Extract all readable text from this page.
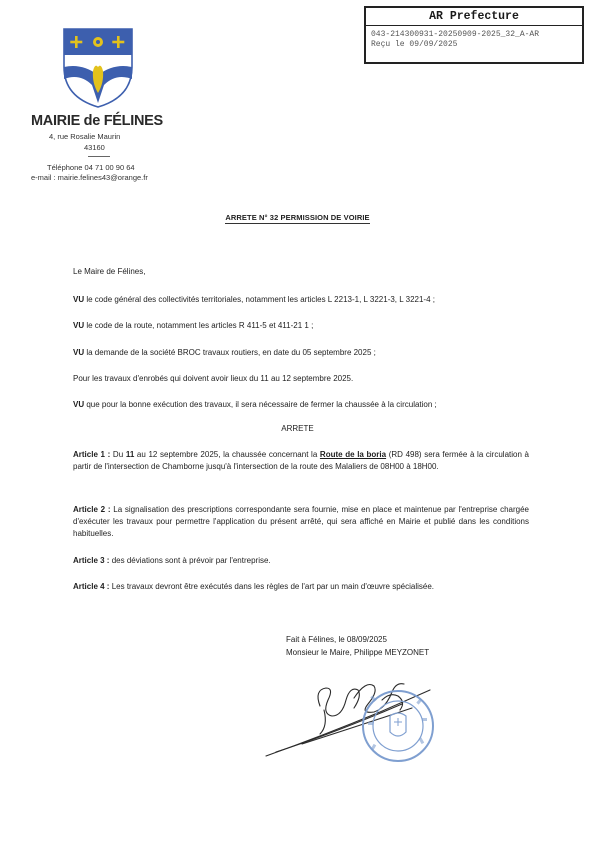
AR Prefecture
043-214300931-20250909-2025_32_A-AR
Reçu le 09/09/2025
MAIRIE de FÉLINES
4, rue Rosalie Maurin
43160
Téléphone 04 71 00 90 64
e-mail : mairie.felines43@orange.fr
ARRETE N° 32 PERMISSION DE VOIRIE
Le Maire de Félines,
VU le code général des collectivités territoriales, notamment les articles L 2213-1, L 3221-3, L 3221-4 ;
VU le code de la route, notamment les articles R 411-5 et 411-21 1 ;
VU la demande de la société BROC travaux routiers, en date du 05 septembre 2025 ;
Pour les travaux d'enrobés qui doivent avoir lieux du 11 au 12 septembre 2025.
VU que pour la bonne exécution des travaux, il sera nécessaire de fermer la chaussée à la circulation ;
ARRETE
Article 1 : Du 11 au 12 septembre 2025, la chaussée concernant la Route de la boria (RD 498) sera fermée à la circulation à partir de l'intersection de Chamborne jusqu'à l'intersection de la route des Malaliers de 08H00 à 18H00.
Article 2 : La signalisation des prescriptions correspondante sera fournie, mise en place et maintenue par l'entreprise chargée d'exécuter les travaux pour permettre l'application du présent arrêté, qui sera affiché en Mairie et publié dans les conditions habituelles.
Article 3 : des déviations sont à prévoir par l'entreprise.
Article 4 : Les travaux devront être exécutés dans les règles de l'art par un main d'œuvre spécialisée.
Fait à Félines, le 08/09/2025
Monsieur le Maire, Philippe MEYZONET
